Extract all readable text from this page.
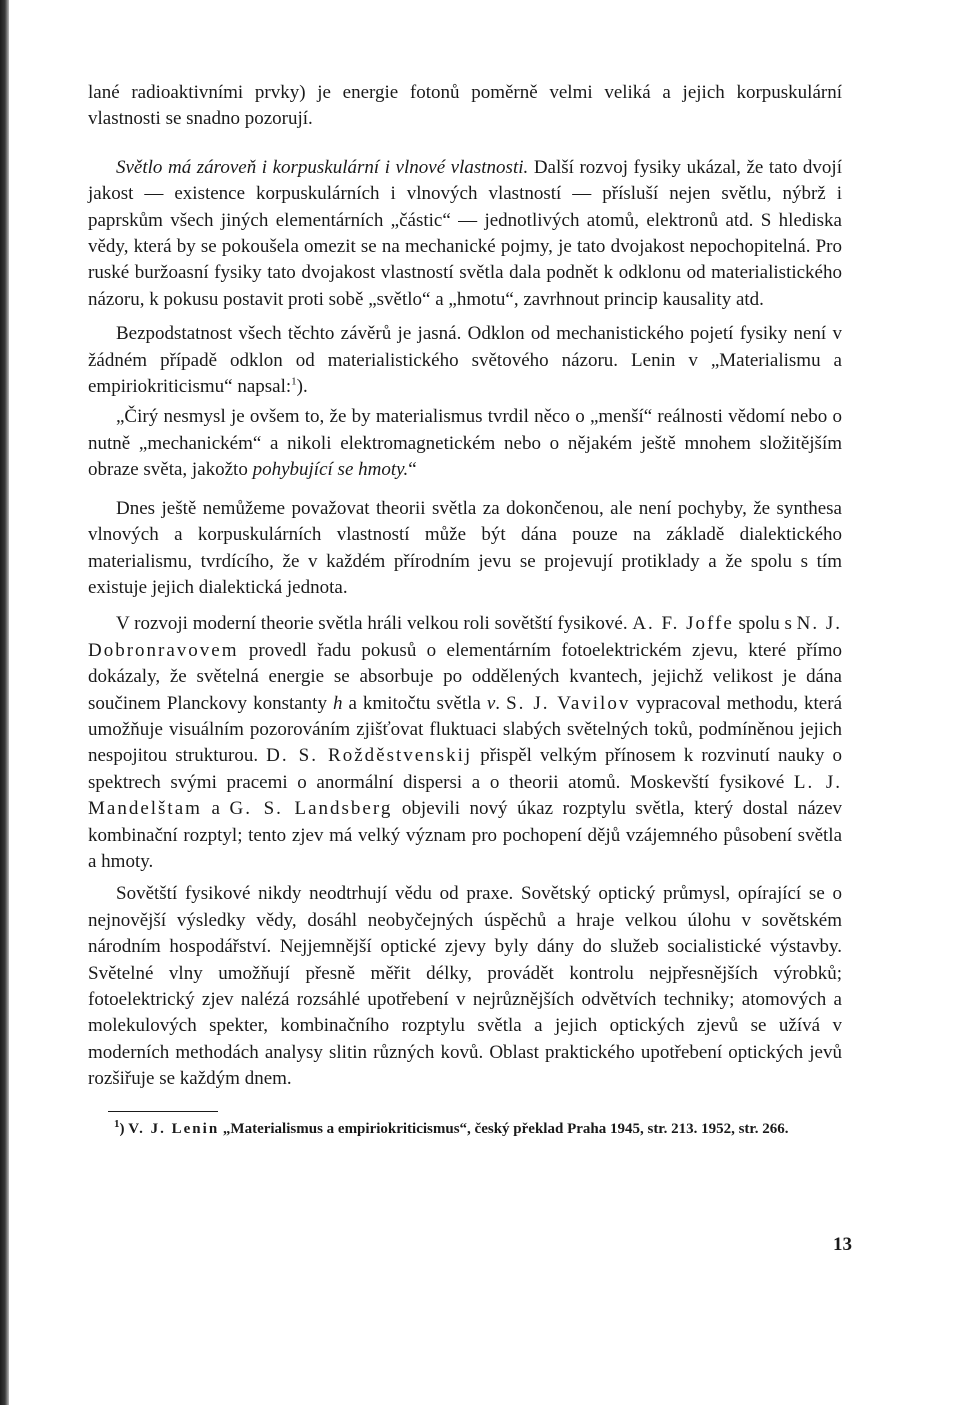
lané radioaktivními prvky) je energie fotonů poměrně velmi veliká a jejich korpuskulární vlastnosti se snadno pozorují.

Světlo má zároveň i korpuskulární i vlnové vlastnosti. Další rozvoj fysiky ukázal, že tato dvojí jakost — existence korpuskulárních i vlnových vlastností — přísluší nejen světlu, nýbrž i paprskům všech jiných elementárních „částic“ — jednotlivých atomů, elektronů atd. S hlediska vědy, která by se pokoušela omezit se na mechanické pojmy, je tato dvojakost nepochopitelná. Pro ruské buržoasní fysiky tato dvojakost vlastností světla dala podnět k odklonu od materialistického názoru, k pokusu postavit proti sobě „světlo“ a „hmotu“, zavrhnout princip kausality atd.

Bezpodstatnost všech těchto závěrů je jasná. Odklon od mechanistického pojetí fysiky není v žádném případě odklon od materialistického světového názoru. Lenin v „Materialismu a empiriokriticismu“ napsal:$^1$).

„Čirý nesmysl je ovšem to, že by materialismus tvrdil něco o „menší“ reálnosti vědomí nebo o nutně „mechanickém“ a nikoli elektromagnetickém nebo o nějakém ještě mnohem složitějším obraze světa, jakožto pohybující se hmoty.“

Dnes ještě nemůžeme považovat theorii světla za dokončenou, ale není pochyby, že synthesa vlnových a korpuskulárních vlastností může být dána pouze na základě dialektického materialismu, tvrdícího, že v každém přírodním jevu se projevují protiklady a že spolu s tím existuje jejich dialektická jednota.

V rozvoji moderní theorie světla hráli velkou roli sovětští fysikové. A. F. Joffe spolu s N. J. Dobronravovem provedl řadu pokusů o elementárním fotoelektrickém zjevu, které přímo dokázaly, že světelná energie se absorbuje po oddělených kvantech, jejichž velikost je dána součinem Planckovy konstanty h a kmitočtu světla ν. S. J. Vavilov vypracoval methodu, která umožňuje visuálním pozorováním zjišťovat fluktuaci slabých světelných toků, podmíněnou jejich nespojitou strukturou. D. S. Rožděstvenskij přispěl velkým přínosem k rozvinutí nauky o spektrech svými pracemi o anormální dispersi a o theorii atomů. Moskevští fysikové L. J. Mandelštam a G. S. Landsberg objevili nový úkaz rozptylu světla, který dostal název kombinační rozptyl; tento zjev má velký význam pro pochopení dějů vzájemného působení světla a hmoty.

Sovětští fysikové nikdy neodtrhují vědu od praxe. Sovětský optický průmysl, opírající se o nejnovější výsledky vědy, dosáhl neobyčejných úspěchů a hraje velkou úlohu v sovětském národním hospodářství. Nejjemnější optické zjevy byly dány do služeb socialistické výstavby. Světelné vlny umožňují přesně měřit délky, provádět kontrolu nejpřesnějších výrobků; fotoelektrický zjev nalézá rozsáhlé upotřebení v nejrůznějších odvětvích techniky; atomových a molekulových spekter, kombinačního rozptylu světla a jejich optických zjevů se užívá v moderních methodách analysy slitin různých kovů. Oblast praktického upotřebení optických jevů rozšiřuje se každým dnem.

$^1$) V. J. Lenin „Materialismus a empiriokriticismus“, český překlad Praha 1945, str. 213. 1952, str. 266.

13
